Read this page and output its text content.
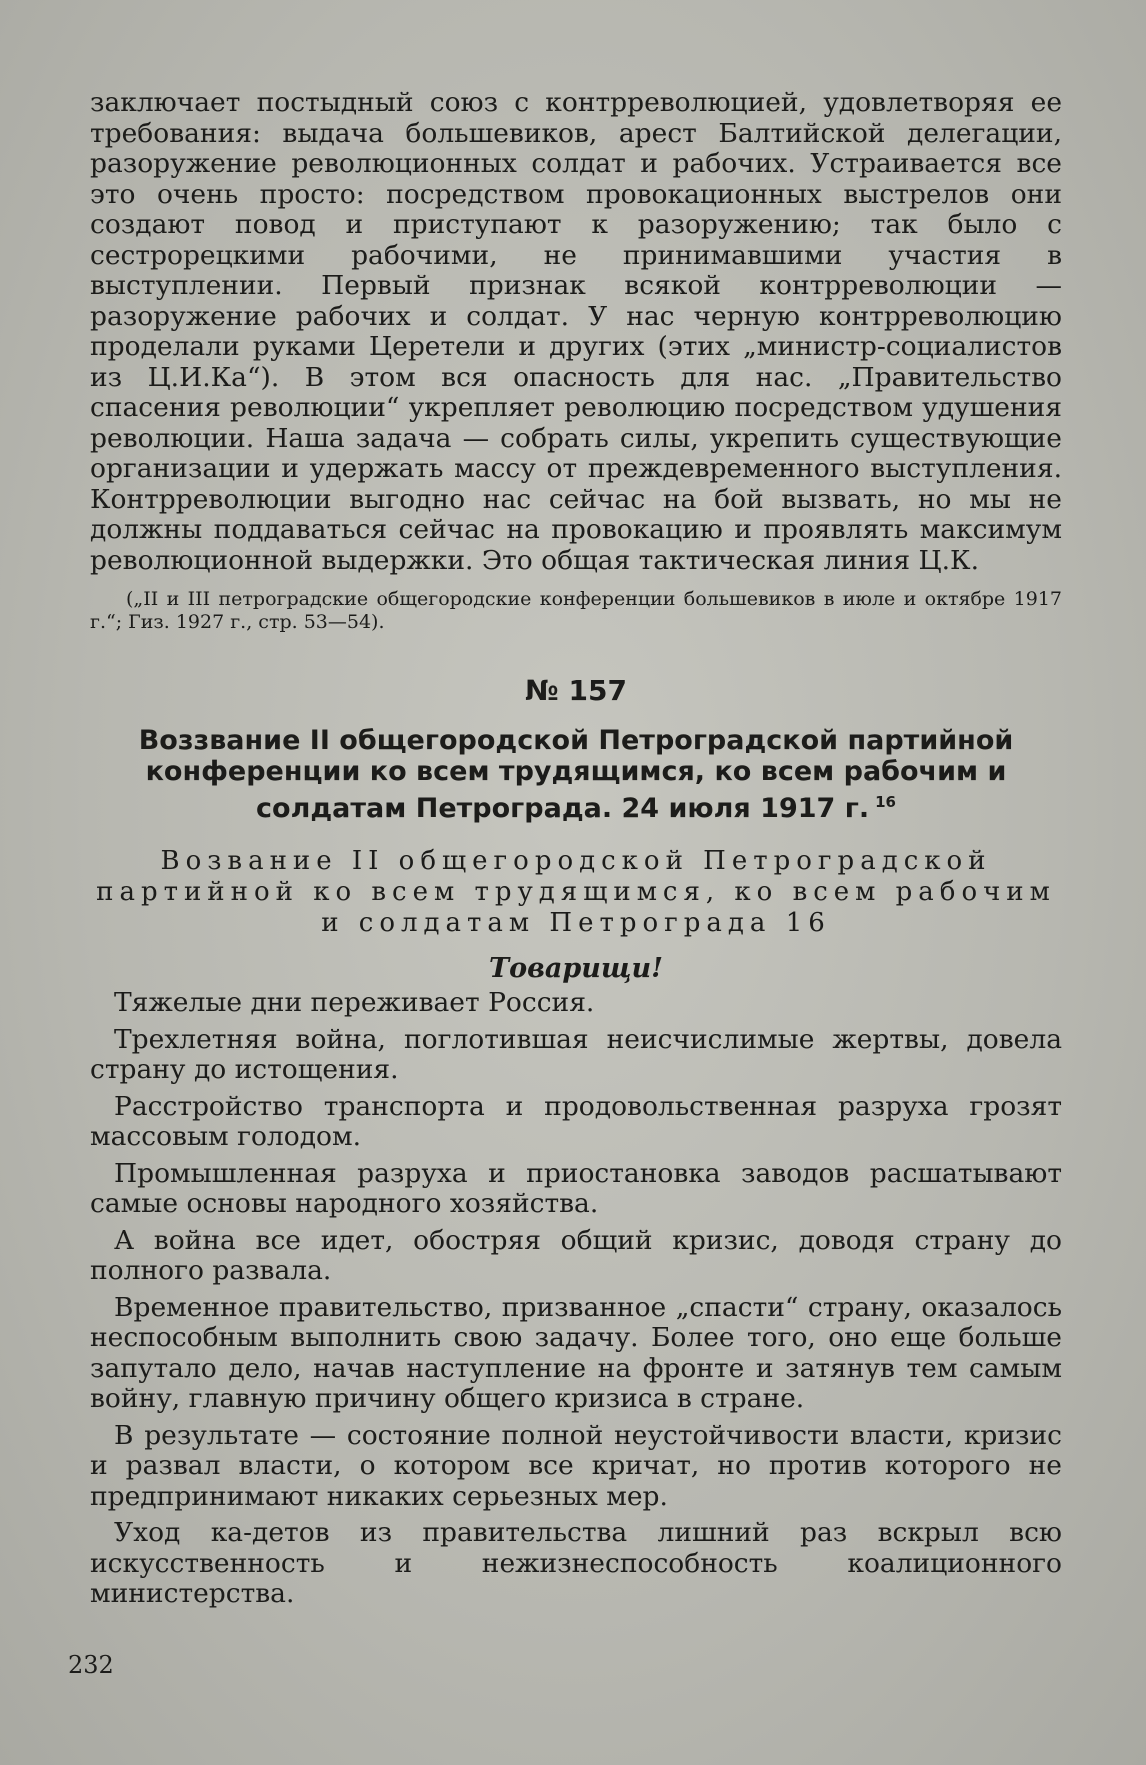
заключает постыдный союз с контрреволюцией, удовлетворяя ее требования: выдача большевиков, арест Балтийской делегации, разоружение революционных солдат и рабочих. Устраивается все это очень просто: посредством провокационных выстрелов они создают повод и приступают к разоружению; так было с сестрорецкими рабочими, не принимавшими участия в выступлении. Первый признак всякой контрреволюции — разоружение рабочих и солдат. У нас черную контрреволюцию проделали руками Церетели и других (этих „министр-социалистов из Ц.И.Ка“). В этом вся опасность для нас. „Правительство спасения революции“ укрепляет революцию посредством удушения революции. Наша задача — собрать силы, укрепить существующие организации и удержать массу от преждевременного выступления. Контрреволюции выгодно нас сейчас на бой вызвать, но мы не должны поддаваться сейчас на провокацию и проявлять максимум революционной выдержки. Это общая тактическая линия Ц.К.

(„II и III петроградские общегородские конференции большевиков в июле и октябре 1917 г.“; Гиз. 1927 г., стр. 53—54).

№ 157

Воззвание II общегородской Петроградской партийной конференции ко всем трудящимся, ко всем рабочим и солдатам Петрограда. 24 июля 1917 г. $^{16}$

Возвание II общегородской Петроградской партийной ко всем трудящимся, ко всем рабочим и солдатам Петрограда 16

Товарищи!

Тяжелые дни переживает Россия.

Трехлетняя война, поглотившая неисчислимые жертвы, довела страну до истощения.

Расстройство транспорта и продовольственная разруха грозят массовым голодом.

Промышленная разруха и приостановка заводов расшатывают самые основы народного хозяйства.

А война все идет, обостряя общий кризис, доводя страну до полного развала.

Временное правительство, призванное „спасти“ страну, оказалось неспособным выполнить свою задачу. Более того, оно еще больше запутало дело, начав наступление на фронте и затянув тем самым войну, главную причину общего кризиса в стране.

В результате — состояние полной неустойчивости власти, кризис и развал власти, о котором все кричат, но против которого не предпринимают никаких серьезных мер.

Уход ка-детов из правительства лишний раз вскрыл всю искусственность и нежизнеспособность коалиционного министерства.

232
